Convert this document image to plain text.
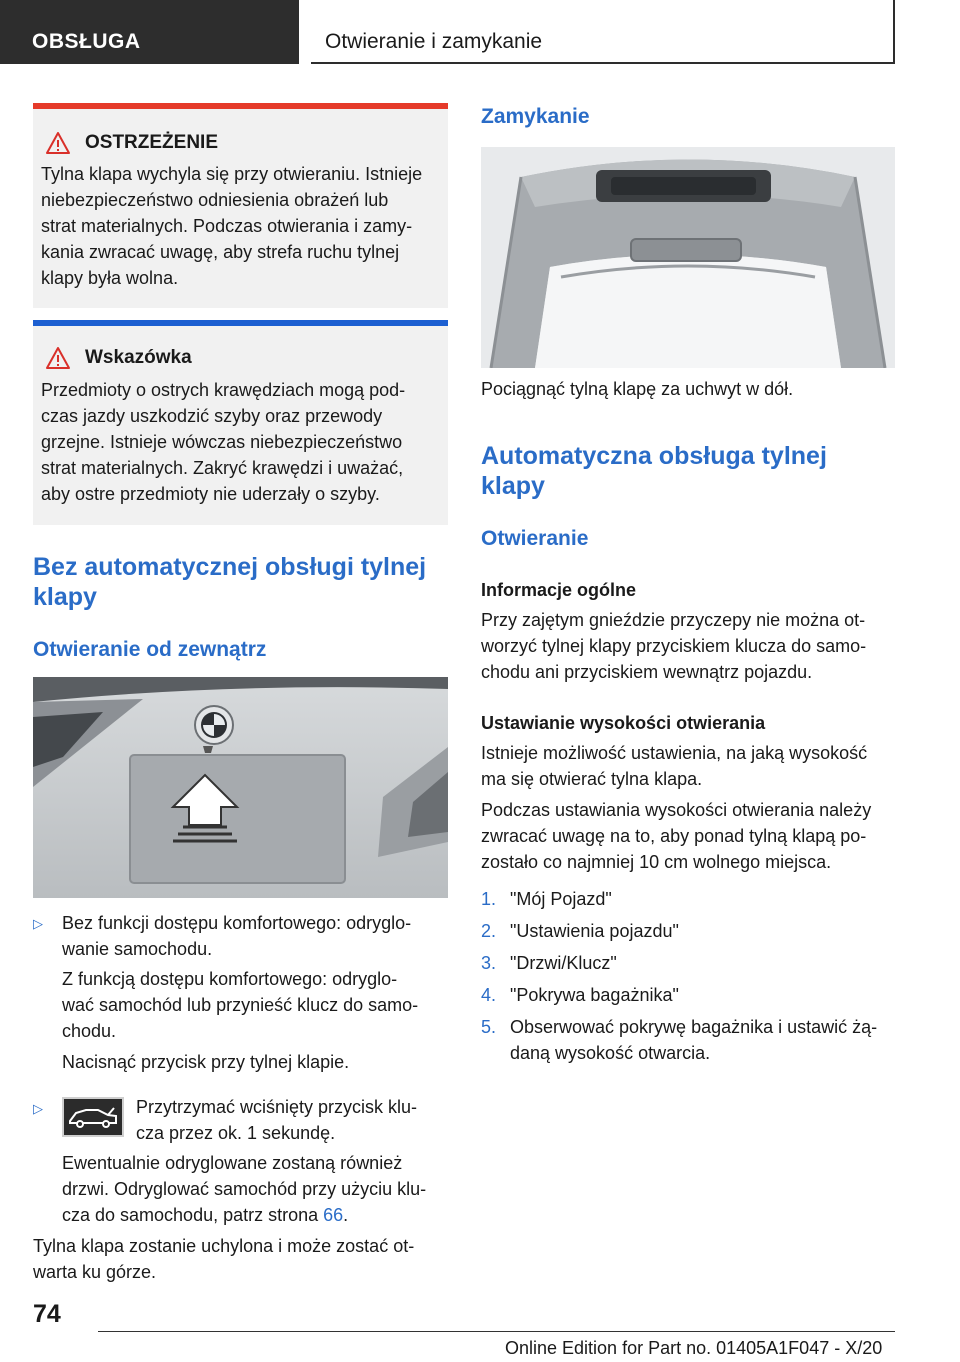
OBSŁUGA	Otwieranie i zamykanie
OSTRZEŻENIE
Tylna klapa wychyla się przy otwieraniu. Istnieje
niebezpieczeństwo odniesienia obrażeń lub
strat materialnych. Podczas otwierania i zamy-
kania zwracać uwagę, aby strefa ruchu tylnej
klapy była wolna.
Wskazówka
Przedmioty o ostrych krawędziach mogą pod-
czas jazdy uszkodzić szyby oraz przewody
grzejne. Istnieje wówczas niebezpieczeństwo
strat materialnych. Zakryć krawędzi i uważać,
aby ostre przedmioty nie uderzały o szyby.
Bez automatycznej obsługi tylnej
klapy
Otwieranie od zewnątrz
▷ Bez funkcji dostępu komfortowego: odryglo-

wanie samochodu.

Z funkcją dostępu komfortowego: odryglo-

wać samochód lub przynieść klucz do samo-

chodu.

Nacisnąć przycisk przy tylnej klapie.

▷	Przytrzymać wciśnięty przycisk klu-

cza przez ok. 1 sekundę.

Ewentualnie odryglowane zostaną również

drzwi. Odryglować samochód przy użyciu klu-

cza do samochodu, patrz strona 66.

Tylna klapa zostanie uchylona i może zostać ot-

warta ku górze.

Zamykanie

Pociągnąć tylną klapę za uchwyt w dół.

Automatyczna obsługa tylnej
klapy
Otwieranie
Informacje ogólne

Przy zajętym gnieździe przyczepy nie można ot-

worzyć tylnej klapy przyciskiem klucza do samo-

chodu ani przyciskiem wewnątrz pojazdu.

Ustawianie wysokości otwierania

Istnieje możliwość ustawienia, na jaką wysokość

ma się otwierać tylna klapa.

Podczas ustawiania wysokości otwierania należy

zwracać uwagę na to, aby ponad tylną klapą po-

zostało co najmniej 10 cm wolnego miejsca.

1. "Mój Pojazd"
2. "Ustawienia pojazdu"
3. "Drzwi/Klucz"
4. "Pokrywa bagażnika"
5. Obserwować pokrywę bagażnika i ustawić żą-
daną wysokość otwarcia.
74
Online Edition for Part no. 01405A1F047 - X/20
